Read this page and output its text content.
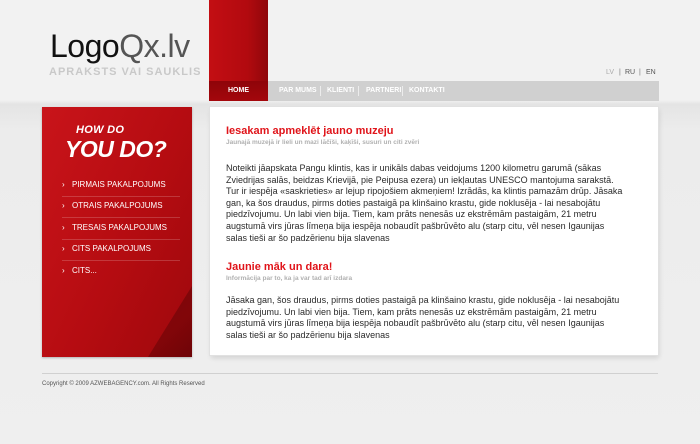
LogoQx.lv
APRAKSTS VAI SAUKLIS
HOME	PAR MUMS KLIENTI PARTNERI KONTAKTI
LV | RU | EN
HOW DO
YOU DO?
› PIRMAIS PAKALPOJUMS
› OTRAIS PAKALPOJUMS
› TRESAIS PAKALPOJUMS
› CITS PAKALPOJUMS
› CITS...
Iesakam apmeklēt jauno muzeju
Jaunajā muzejā ir lieli un mazi lāčīši, kaķīši, susuri un citi zvēri

Noteikti jāapskata Pangu klintis, kas ir unikāls dabas veidojums 1200 kilometru garumā (sākas Zviedrijas salās, beidzas Krievijā, pie Peipusa ezera) un iekļautas UNESCO mantojuma sarakstā. Tur ir iespēja «saskrieties» ar lejup ripojošiem akmeņiem! Izrādās, ka klintis pamazām drūp. Jāsaka gan, ka šos draudus, pirms doties pastaigā pa klinšaino krastu, gide noklusēja - lai nesabojātu piedzīvojumu. Un labi vien bija. Tiem, kam prāts nenesās uz ekstrēmām pastaigām, 21 metru augstumā virs jūras līmeņa bija iespēja nobaudīt pašbrūvēto alu (starp citu, vēl nesen Igaunijas salas tieši ar šo padzērienu bija slavenas

Jaunie māk un dara!
Informācija par to, ka ja var tad arī izdara

Jāsaka gan, šos draudus, pirms doties pastaigā pa klinšaino krastu, gide noklusēja - lai nesabojātu piedzīvojumu. Un labi vien bija. Tiem, kam prāts nenesās uz ekstrēmām pastaigām, 21 metru augstumā virs jūras līmeņa bija iespēja nobaudīt pašbrūvēto alu (starp citu, vēl nesen Igaunijas salas tieši ar šo padzērienu bija slavenas

Copyright © 2009 AZWEBAGENCY.com. All Rights Reserved
